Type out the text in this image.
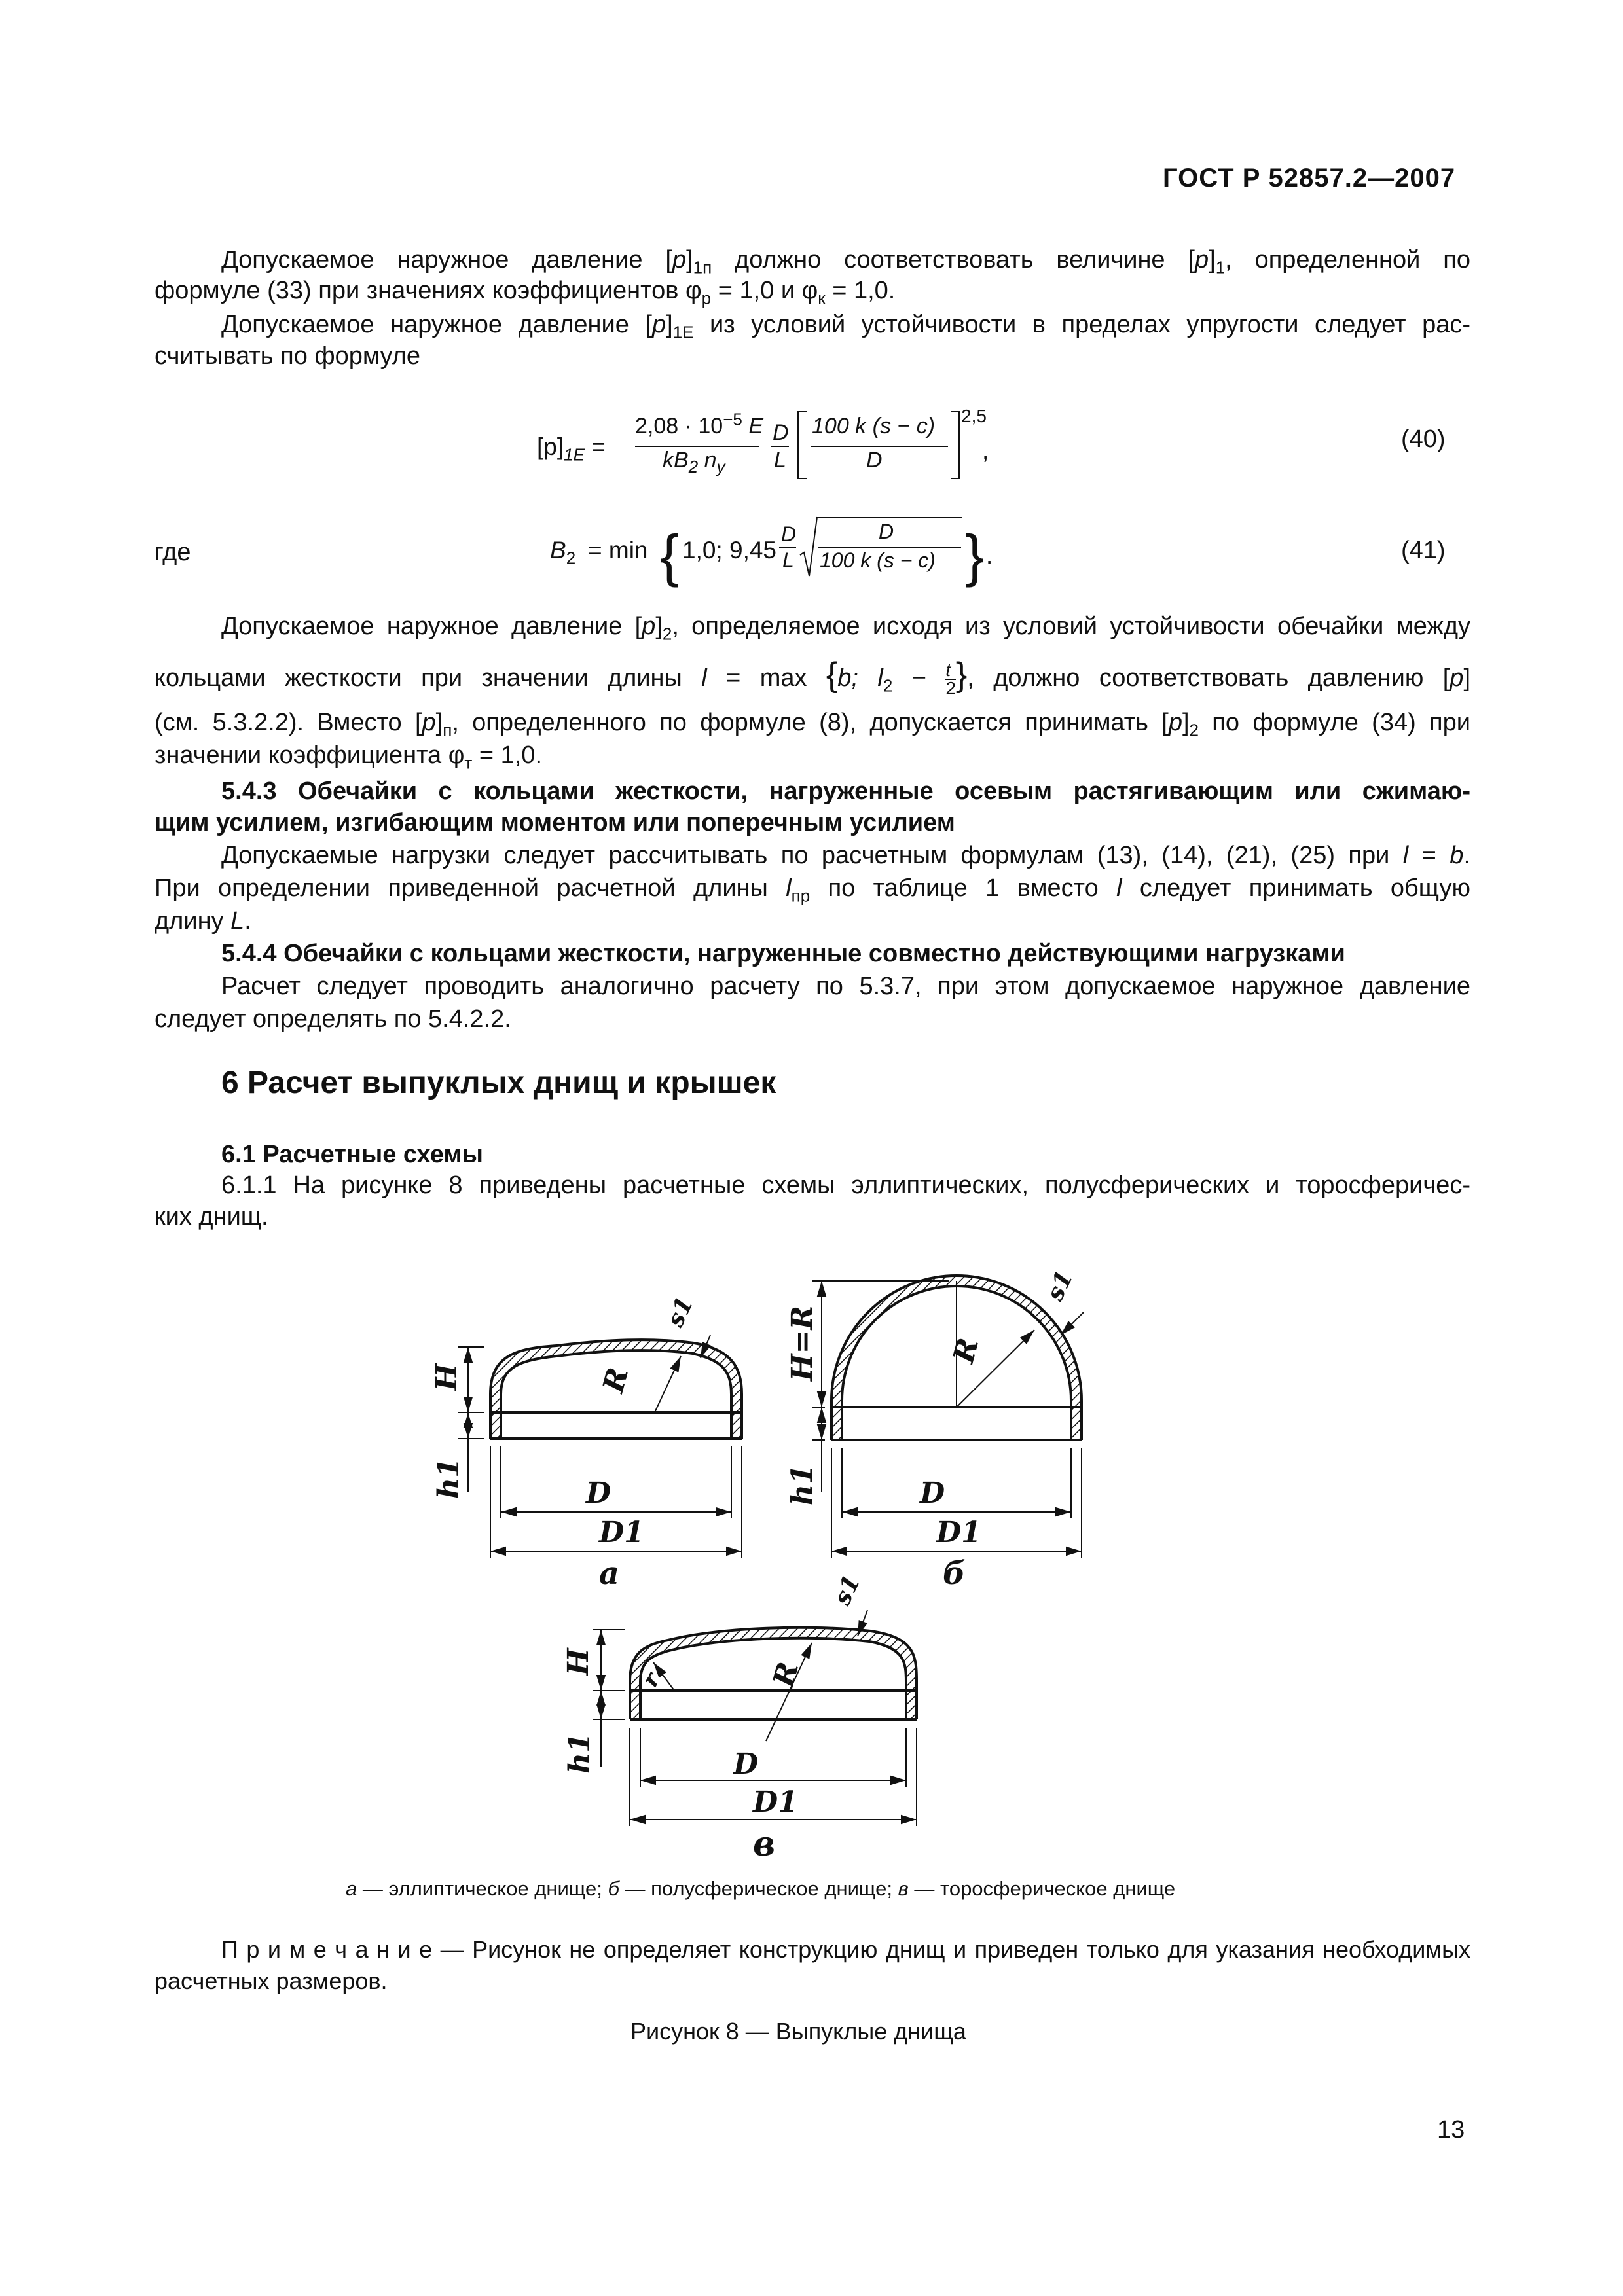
ГОСТ Р 52857.2—2007
Допускаемое наружное давление $[p]_{1п}$ должно соответствовать величине $[p]_1$, определенной по
формуле (33) при значениях коэффициентов $\varphi_р = 1,0$ и $\varphi_к = 1,0$.
Допускаемое наружное давление $[p]_{1E}$ из условий устойчивости в пределах упругости следует рас-
считывать по формуле
$[p]_{1E}$ =
$2,08 \cdot 10^{-5}$ E
$kB_2$ $n_y$
D
L
100 k (s − c)
D
2,5
,	(40)
где	$B_2 = \min$ { 1,0; 9,45
D
L
D
100 k (s − c) } .	(41)
Допускаемое наружное давление $[p]_2$, определяемое исходя из условий устойчивости обечайки между
кольцами жесткости при значении длины l = max {b; $l_2 - \frac{t}{2}$ }, должно соответствовать давлению [p]
(см. 5.3.2.2). Вместо $[p]_п$, определенного по формуле (8), допускается принимать $[p]_2$ по формуле (34) при
значении коэффициента $\varphi_т = 1,0$.
5.4.3 Обечайки с кольцами жесткости, нагруженные осевым растягивающим или сжимаю-
щим усилием, изгибающим моментом или поперечным усилием
Допускаемые нагрузки следует рассчитывать по расчетным формулам (13), (14), (21), (25) при l = b.
При определении приведенной расчетной длины $l_{пр}$ по таблице 1 вместо l следует принимать общую
длину L.
5.4.4 Обечайки с кольцами жесткости, нагруженные совместно действующими нагрузками
Расчет следует проводить аналогично расчету по 5.3.7, при этом допускаемое наружное давление
следует определять по 5.4.2.2.
6 Расчет выпуклых днищ и крышек
6.1 Расчетные схемы
6.1.1 На рисунке 8 приведены расчетные схемы эллиптических, полусферических и торосферичес-
ких днищ.
H
h1
R
s1
D
D1
а
H=R
h1
R
s1
D
D1
б
H
h1
R
r
s1
D
D1
в
а — эллиптическое днище; б — полусферическое днище; в — торосферическое днище
П р и м е ч а н и е — Рисунок не определяет конструкцию днищ и приведен только для указания необходимых
расчетных размеров.
Рисунок 8 — Выпуклые днища
13
